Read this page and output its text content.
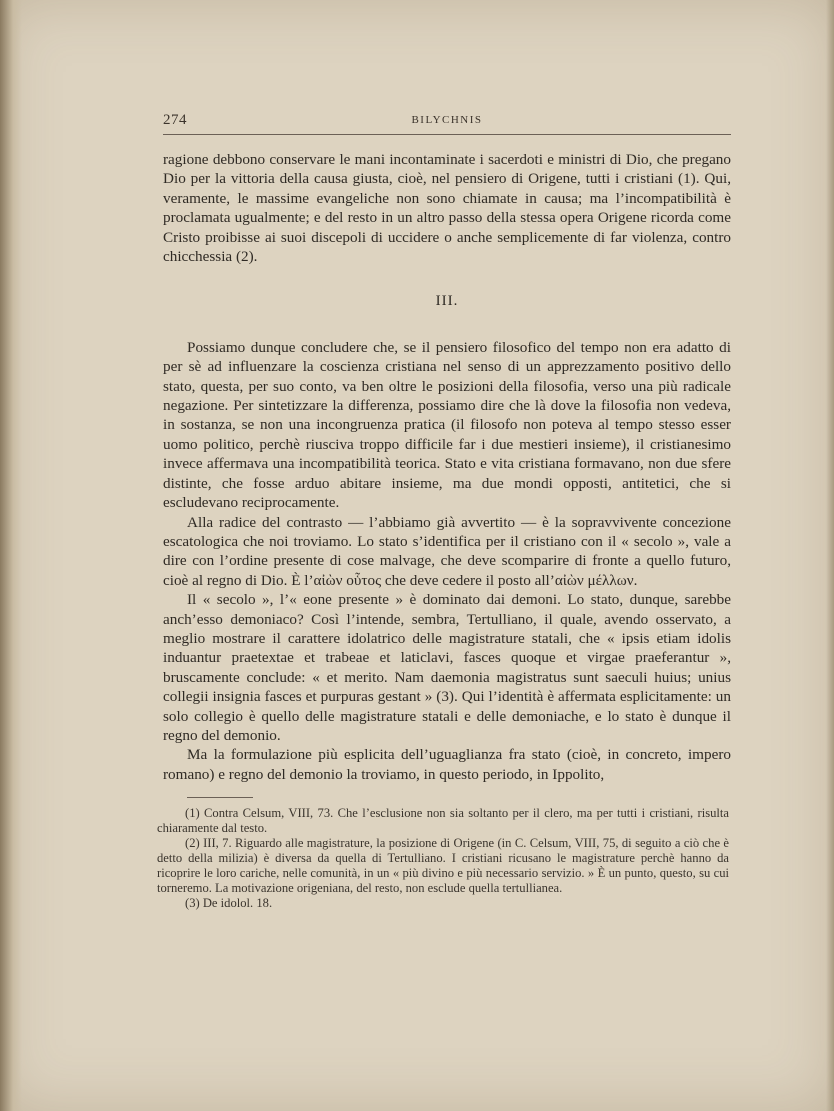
274	BILYCHNIS

ragione debbono conservare le mani incontaminate i sacerdoti e ministri di Dio, che pregano Dio per la vittoria della causa giusta, cioè, nel pensiero di Origene, tutti i cristiani (1). Qui, veramente, le massime evangeliche non sono chiamate in causa; ma l’incompatibilità è proclamata ugualmente; e del resto in un altro passo della stessa opera Origene ricorda come Cristo proibisse ai suoi discepoli di uccidere o anche semplicemente di far violenza, contro chicchessia (2).

III.

Possiamo dunque concludere che, se il pensiero filosofico del tempo non era adatto di per sè ad influenzare la coscienza cristiana nel senso di un apprezzamento positivo dello stato, questa, per suo conto, va ben oltre le posizioni della filosofia, verso una più radicale negazione. Per sintetizzare la differenza, possiamo dire che là dove la filosofia non vedeva, in sostanza, se non una incongruenza pratica (il filosofo non poteva al tempo stesso esser uomo politico, perchè riusciva troppo difficile far i due mestieri insieme), il cristianesimo invece affermava una incompatibilità teorica. Stato e vita cristiana formavano, non due sfere distinte, che fosse arduo abitare insieme, ma due mondi opposti, antitetici, che si escludevano reciprocamente.

Alla radice del contrasto — l’abbiamo già avvertito — è la sopravvivente concezione escatologica che noi troviamo. Lo stato s’identifica per il cristiano con il « secolo », vale a dire con l’ordine presente di cose malvage, che deve scomparire di fronte a quello futuro, cioè al regno di Dio. È l’αἰὼν οὗτος che deve cedere il posto all’αἰὼν μέλλων.

Il « secolo », l’« eone presente » è dominato dai demoni. Lo stato, dunque, sarebbe anch’esso demoniaco? Così l’intende, sembra, Tertulliano, il quale, avendo osservato, a meglio mostrare il carattere idolatrico delle magistrature statali, che « ipsis etiam idolis induantur praetextae et trabeae et laticlavi, fasces quoque et virgae praeferantur », bruscamente conclude: « et merito. Nam daemonia magistratus sunt saeculi huius; unius collegii insignia fasces et purpuras gestant » (3). Qui l’identità è affermata esplicitamente: un solo collegio è quello delle magistrature statali e delle demoniache, e lo stato è dunque il regno del demonio.

Ma la formulazione più esplicita dell’uguaglianza fra stato (cioè, in concreto, impero romano) e regno del demonio la troviamo, in questo periodo, in Ippolito,

(1) Contra Celsum, VIII, 73. Che l’esclusione non sia soltanto per il clero, ma per tutti i cristiani, risulta chiaramente dal testo.

(2) III, 7. Riguardo alle magistrature, la posizione di Origene (in C. Celsum, VIII, 75, di seguito a ciò che è detto della milizia) è diversa da quella di Tertulliano. I cristiani ricusano le magistrature perchè hanno da ricoprire le loro cariche, nelle comunità, in un « più divino e più necessario servizio. » È un punto, questo, su cui torneremo. La motivazione origeniana, del resto, non esclude quella tertullianea.

(3) De idolol. 18.
